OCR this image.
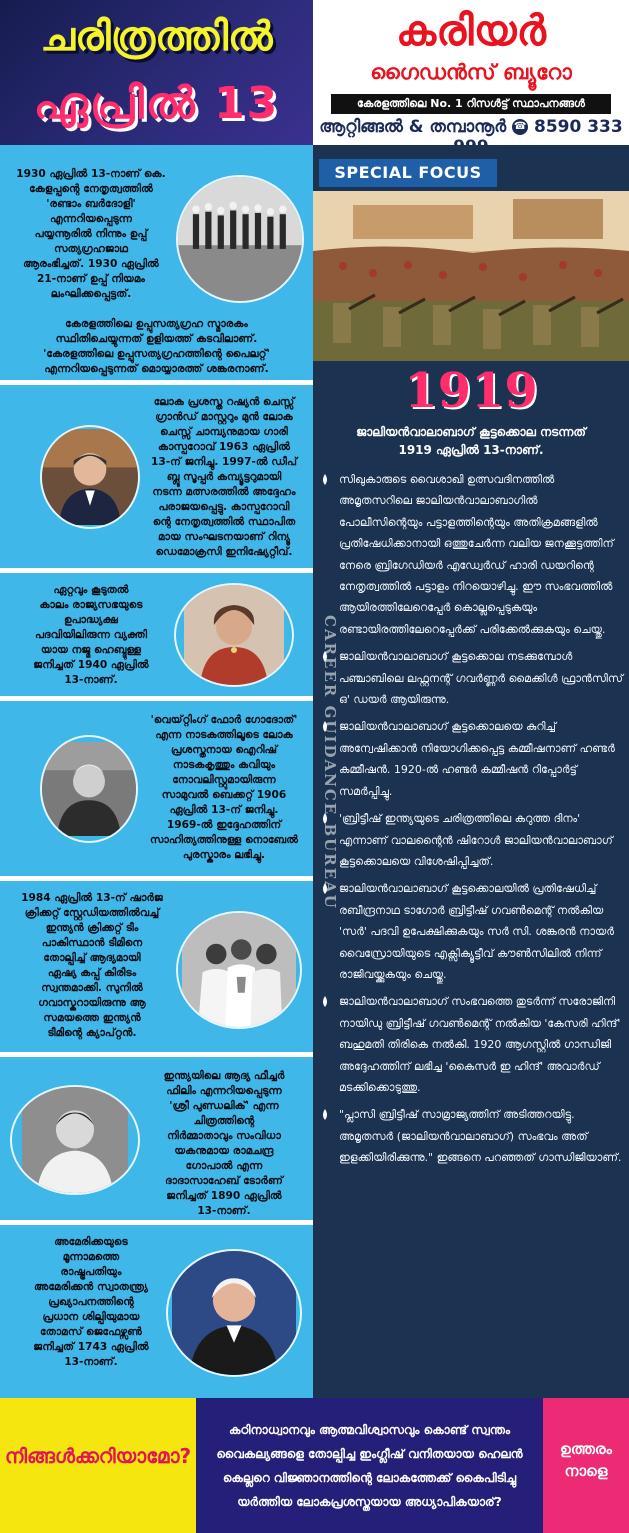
ചരിത്രത്തിൽ
ഏപ്രിൽ 13
കരിയർ
ഗൈഡൻസ് ബ്യൂറോ
കേരളത്തിലെ No. 1 റിസൾട്ട് സ്ഥാപനങ്ങൾ
ആറ്റിങ്ങൽ & തമ്പാനൂർ ☎ 8590 333
1930 ഏപ്രിൽ 13-നാണ് കെ.
കേളപ്പന്റെ നേതൃത്വത്തിൽ
'രണ്ടാം ബർദോളി'
എന്നറിയപ്പെടുന്ന
പയ്യന്നൂരിൽ നിന്നും ഉപ്പ്
സത്യഗ്രഹജാഥ
ആരംഭിച്ചത്. 1930 ഏപ്രിൽ
21-നാണ് ഉപ്പ് നിയമം
ലംഘിക്കപ്പെട്ടത്.
കേരളത്തിലെ ഉപ്പുസത്യഗ്രഹ സ്മാരകം
സ്ഥിതിചെയ്യുന്നത് ഉളിയത്ത് കടവിലാണ്.
'കേരളത്തിലെ ഉപ്പുസത്യഗ്രഹത്തിന്റെ പൈലറ്റ്'
എന്നറിയപ്പെടുന്നത് മൊയ്യാരത്ത് ശങ്കരനാണ്.
ലോക പ്രശസ്ത റഷ്യൻ ചെസ്സ്
ഗ്രാൻഡ് മാസ്റ്ററും മുൻ ലോക
ചെസ്സ് ചാമ്പ്യനുമായ ഗാരി
കാസ്പറോവ് 1963 ഏപ്രിൽ
13-ന് ജനിച്ചു. 1997-ൽ ഡീപ്
ബ്ലൂ സൂപ്പർ കമ്പ്യൂട്ടറുമായി
നടന്ന മത്സരത്തിൽ അദ്ദേഹം
പരാജയപ്പെട്ടു. കാസ്പറോവി
ന്റെ നേതൃത്വത്തിൽ സ്ഥാപിത
മായ സംഘടനയാണ് റിന്യൂ
ഡെമോക്രസി ഇനിഷ്യേറ്റീവ്.
ഏറ്റവും കൂടുതൽ
കാലം രാജ്യസഭയുടെ
ഉപാദ്ധ്യക്ഷ
പദവിയിലിരുന്ന വ്യക്തി
യായ നജ്മ ഹെബ്ദുള്ള
ജനിച്ചത് 1940 ഏപ്രിൽ
13-നാണ്.
'വെയ്റ്റിംഗ് ഫോർ ഗോദോത്'
എന്ന നാടകത്തിലൂടെ ലോക
പ്രശസ്തനായ ഐറിഷ്
നാടകകൃത്തും കവിയും
നോവലിസ്റ്റുമായിരുന്ന
സാമുവൽ ബെക്കറ്റ് 1906
ഏപ്രിൽ 13-ന് ജനിച്ചു.
1969-ൽ ഇദ്ദേഹത്തിന്
സാഹിത്യത്തിനുള്ള നൊബേൽ
പുരസ്കാരം ലഭിച്ചു.
1984 ഏപ്രിൽ 13-ന് ഷാർജ
ക്രിക്കറ്റ് സ്റ്റേഡിയത്തിൽവച്ച്
ഇന്ത്യൻ ക്രിക്കറ്റ് ടീം
പാകിസ്ഥാൻ ടീമിനെ
തോല്പിച്ച് ആദ്യമായി
ഏഷ്യ കപ്പ് കിരീടം
സ്വന്തമാക്കി. സുനിൽ
ഗവാസ്കറായിരുന്നു ആ
സമയത്തെ ഇന്ത്യൻ
ടീമിന്റെ ക്യാപ്റ്റൻ.
ഇന്ത്യയിലെ ആദ്യ ഫീച്ചർ
ഫിലിം എന്നറിയപ്പെടുന്ന
'ശ്രീ പുണ്ഡലിക്' എന്ന
ചിത്രത്തിന്റെ
നിർമ്മാതാവും സംവിധാ
യകനുമായ രാമചന്ദ്ര
ഗോപാൽ എന്ന
ദാദാസാഹേബ് ടോർണ്
ജനിച്ചത് 1890 ഏപ്രിൽ
13-നാണ്.
അമേരിക്കയുടെ
മൂന്നാമത്തെ
രാഷ്ട്രപതിയും
അമേരിക്കൻ സ്വാതന്ത്ര്യ
പ്രഖ്യാപനത്തിന്റെ
പ്രധാന ശില്പിയുമായ
തോമസ് ജെഫേഴ്സൺ
ജനിച്ചത് 1743 ഏപ്രിൽ
13-നാണ്.
SPECIAL FOCUS
1919
ജാലിയൻവാലാബാഗ് കൂട്ടക്കൊല നടന്നത്
1919 ഏപ്രിൽ 13-നാണ്.
സിഖുകാരുടെ വൈശാഖി ഉത്സവദിനത്തിൽ അമൃതസറിലെ ജാലിയൻവാലാബാഗിൽ പോലീസിന്റെയും പട്ടാളത്തിന്റെയും അതിക്രമങ്ങളിൽ പ്രതിഷേധിക്കാനായി ഒത്തുചേർന്ന വലിയ ജനക്കൂട്ടത്തിന് നേരെ ബ്രിഗേഡിയർ എഡ്വേർഡ് ഹാരി ഡയറിന്റെ നേതൃത്വത്തിൽ പട്ടാളം നിറയൊഴിച്ചു. ഈ സംഭവത്തിൽ ആയിരത്തിലേറെപ്പേർ കൊല്ലപ്പെടുകയും രണ്ടായിരത്തിലേറെപ്പേർക്ക് പരിക്കേൽക്കുകയും ചെയ്തു.
ജാലിയൻവാലാബാഗ് കൂട്ടക്കൊല നടക്കുമ്പോൾ പഞ്ചാബിലെ ലഫ്റ്റനന്റ് ഗവർണ്ണർ മൈക്കിൾ ഫ്രാൻസിസ് ഒ' ഡയർ ആയിരുന്നു.
ജാലിയൻവാലാബാഗ് കൂട്ടക്കൊലയെ കുറിച്ച് അന്വേഷിക്കാൻ നിയോഗിക്കപ്പെട്ട കമ്മീഷനാണ് ഹണ്ടർ കമ്മീഷൻ. 1920-ൽ ഹണ്ടർ കമ്മീഷൻ റിപ്പോർട്ട് സമർപ്പിച്ചു.
'ബ്രിട്ടീഷ് ഇന്ത്യയുടെ ചരിത്രത്തിലെ കറുത്ത ദിനം' എന്നാണ് വാലന്റൈൻ ഷിറോൾ ജാലിയൻവാലാബാഗ് കൂട്ടക്കൊലയെ വിശേഷിപ്പിച്ചത്.
ജാലിയൻവാലാബാഗ് കൂട്ടക്കൊലയിൽ പ്രതിഷേധിച്ച് രബീന്ദ്രനാഥ ടാഗോർ ബ്രിട്ടീഷ് ഗവൺമെന്റ് നൽകിയ 'സർ' പദവി ഉപേക്ഷിക്കുകയും സർ സി. ശങ്കരൻ നായർ വൈസ്രോയിയുടെ എക്സിക്യൂട്ടീവ് കൗൺസിലിൽ നിന്ന് രാജിവയ്ക്കുകയും ചെയ്തു.
ജാലിയൻവാലാബാഗ് സംഭവത്തെ തുടർന്ന് സരോജിനി നായിഡു ബ്രിട്ടീഷ് ഗവൺമെന്റ് നൽകിയ 'കേസരി ഹിന്ദ്' ബഹുമതി തിരികെ നൽകി. 1920 ആഗസ്റ്റിൽ ഗാന്ധിജി അദ്ദേഹത്തിന് ലഭിച്ച 'കൈസർ ഇ ഹിന്ദ്' അവാർഡ് മടക്കിക്കൊടുത്തു.
"പ്ലാസി ബ്രിട്ടീഷ് സാമ്രാജ്യത്തിന് അടിത്തറയിട്ടു. അമൃതസർ (ജാലിയൻവാലാബാഗ്) സംഭവം അത് ഇളക്കിയിരിക്കുന്നു." ഇങ്ങനെ പറഞ്ഞത് ഗാന്ധിജിയാണ്.
CAREER GUIDANCE BUREAU
നിങ്ങൾക്കറിയാമോ?
കഠിനാധ്വാനവും ആത്മവിശ്വാസവും കൊണ്ട് സ്വന്തം
വൈകല്യങ്ങളെ തോല്പിച്ച ഇംഗ്ലീഷ് വനിതയായ ഹെലൻ
കെല്ലറെ വിജ്ഞാനത്തിന്റെ ലോകത്തേക്ക് കൈപിടിച്ചു
യർത്തിയ ലോകപ്രശസ്തയായ അധ്യാപികയാര്?
ഉത്തരം
നാളെ
